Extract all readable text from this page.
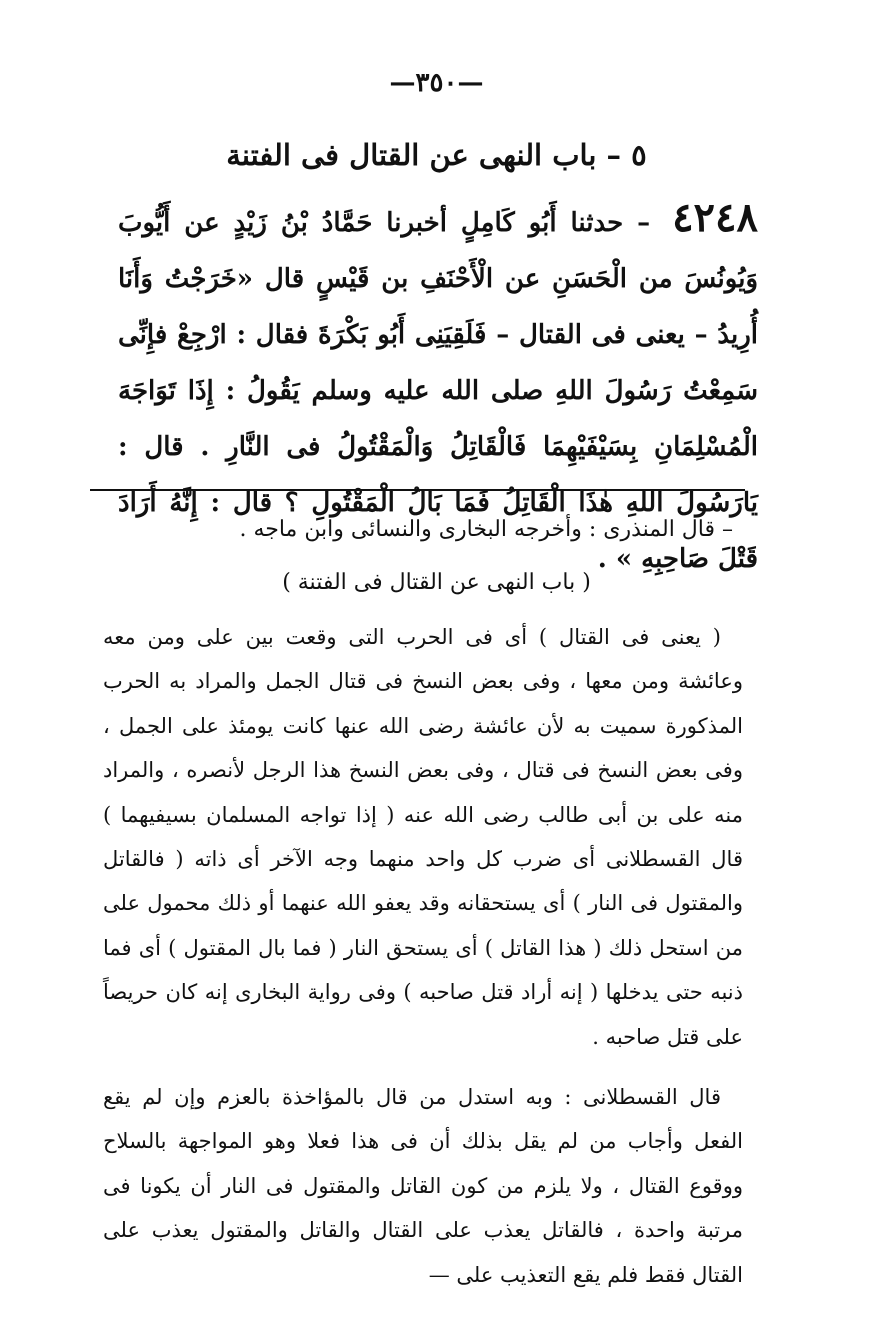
—٣٥٠—
٥ – باب النهى عن القتال فى الفتنة
٤٢٤٨ – حدثنا أَبُو كَامِلٍ أخبرنا حَمَّادُ بْنُ زَيْدٍ عن أَيُّوبَ وَيُونُسَ من الْحَسَنِ عن الْأَحْنَفِ بن قَيْسٍ قال «خَرَجْتُ وَأَنَا أُرِيدُ – يعنى فى القتال – فَلَقِيَنِى أَبُو بَكْرَةَ فقال : ارْجِعْ فإِنِّى سَمِعْتُ رَسُولَ اللهِ صلى الله عليه وسلم يَقُولُ : إِذَا تَوَاجَهَ الْمُسْلِمَانِ بِسَيْفَيْهِمَا فَالْقَاتِلُ وَالْمَقْتُولُ فى النَّارِ . قال : يَارَسُولَ اللهِ هٰذَا الْقَاتِلُ فَمَا بَالُ الْمَقْتُولِ ؟ قال : إِنَّهُ أَرَادَ قَتْلَ صَاحِبِهِ » .
– قال المنذرى : وأخرجه البخارى والنسائى وابن ماجه .
( باب النهى عن القتال فى الفتنة )

( يعنى فى القتال ) أى فى الحرب التى وقعت بين على ومن معه وعائشة ومن معها ، وفى بعض النسخ فى قتال الجمل والمراد به الحرب المذكورة سميت به لأن عائشة رضى الله عنها كانت يومئذ على الجمل ، وفى بعض النسخ فى قتال ، وفى بعض النسخ هذا الرجل لأنصره ، والمراد منه على بن أبى طالب رضى الله عنه ( إذا تواجه المسلمان بسيفيهما ) قال القسطلانى أى ضرب كل واحد منهما وجه الآخر أى ذاته ( فالقاتل والمقتول فى النار ) أى يستحقانه وقد يعفو الله عنهما أو ذلك محمول على من استحل ذلك ( هذا القاتل ) أى يستحق النار ( فما بال المقتول ) أى فما ذنبه حتى يدخلها ( إنه أراد قتل صاحبه ) وفى رواية البخارى إنه كان حريصاً على قتل صاحبه .

قال القسطلانى : وبه استدل من قال بالمؤاخذة بالعزم وإن لم يقع الفعل وأجاب من لم يقل بذلك أن فى هذا فعلا وهو المواجهة بالسلاح ووقوع القتال ، ولا يلزم من كون القاتل والمقتول فى النار أن يكونا فى مرتبة واحدة ، فالقاتل يعذب على القتال والقاتل والمقتول يعذب على القتال فقط فلم يقع التعذيب على —
